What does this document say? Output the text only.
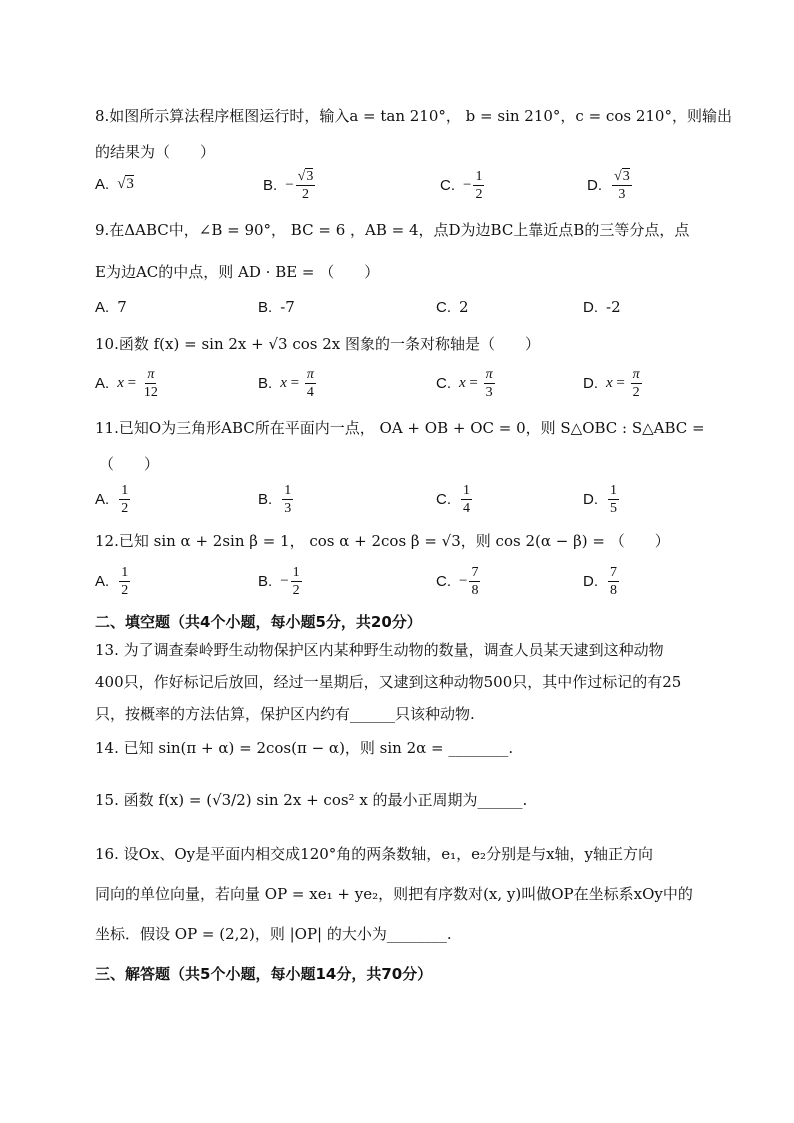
8.如图所示算法程序框图运行时，输入a = tan 210°， b = sin 210°，c = cos 210°，则输出
的结果为（　　）
A. √3	B. − $\frac{√3}{2}$	C. − $\frac{1}{2}$	D. $\frac{√3}{3}$
9.在ΔABC中，∠B = 90°， BC = 6 ，AB = 4，点D为边BC上靠近点B的三等分点，点
E为边AC的中点，则 AD · BE = （　　）
A. 7	B. -7	C. 2	D. -2
10.函数 f(x) = sin 2x + √3 cos 2x 图象的一条对称轴是（　　）
A. $x = \frac{\pi}{12}$	B. $x = \frac{\pi}{4}$	C. $x = \frac{\pi}{3}$	D. $x = \frac{\pi}{2}$
11.已知O为三角形ABC所在平面内一点， OA + OB + OC = 0，则 S△OBC : S△ABC =
（　　）
A. $\frac{1}{2}$	B. $\frac{1}{3}$	C. $\frac{1}{4}$	D. $\frac{1}{5}$
12.已知 sin α + 2sin β = 1， cos α + 2cos β = √3，则 cos 2(α − β) = （　　）
A. $\frac{1}{2}$	B. − $\frac{1}{2}$	C. − $\frac{7}{8}$	D. $\frac{7}{8}$
二、填空题（共4个小题，每小题5分，共20分）
13. 为了调查秦岭野生动物保护区内某种野生动物的数量，调查人员某天逮到这种动物
400只，作好标记后放回，经过一星期后，又逮到这种动物500只，其中作过标记的有25
只，按概率的方法估算，保护区内约有______只该种动物.
14. 已知 sin(π + α) = 2cos(π − α)，则 sin 2α = ________.
15. 函数 f(x) = (√3/2) sin 2x + cos² x 的最小正周期为______.
16. 设Ox、Oy是平面内相交成120°角的两条数轴，e₁，e₂分别是与x轴，y轴正方向
同向的单位向量，若向量 OP = xe₁ + ye₂，则把有序数对(x, y)叫做OP在坐标系xOy中的
坐标．假设 OP = (2,2)，则 |OP| 的大小为________.
三、解答题（共5个小题，每小题14分，共70分）
